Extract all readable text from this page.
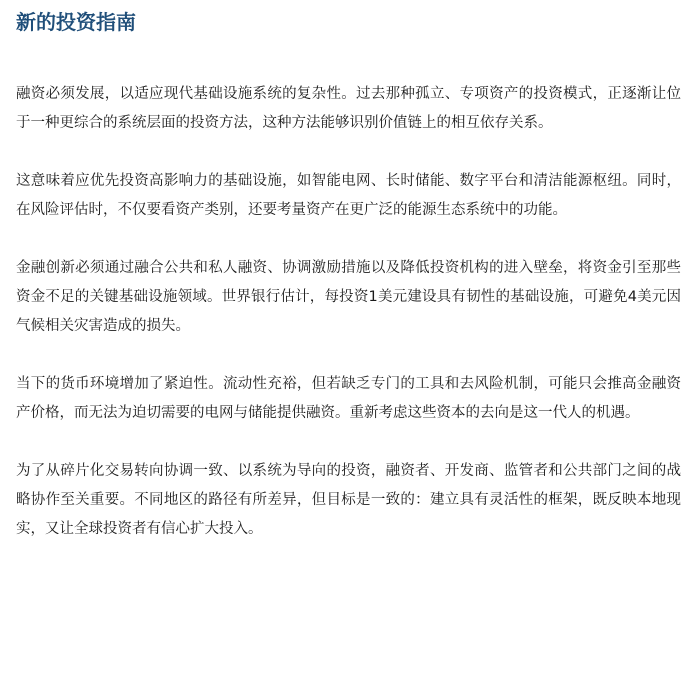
新的投资指南

融资必须发展，以适应现代基础设施系统的复杂性。过去那种孤立、专项资产的投资模式，正逐渐让位于一种更综合的系统层面的投资方法，这种方法能够识别价值链上的相互依存关系。

这意味着应优先投资高影响力的基础设施，如智能电网、长时储能、数字平台和清洁能源枢纽。同时，在风险评估时，不仅要看资产类别，还要考量资产在更广泛的能源生态系统中的功能。

金融创新必须通过融合公共和私人融资、协调激励措施以及降低投资机构的进入壁垒，将资金引至那些资金不足的关键基础设施领域。世界银行估计，每投资1美元建设具有韧性的基础设施，可避免4美元因气候相关灾害造成的损失。

当下的货币环境增加了紧迫性。流动性充裕，但若缺乏专门的工具和去风险机制，可能只会推高金融资产价格，而无法为迫切需要的电网与储能提供融资。重新考虑这些资本的去向是这一代人的机遇。

为了从碎片化交易转向协调一致、以系统为导向的投资，融资者、开发商、监管者和公共部门之间的战略协作至关重要。不同地区的路径有所差异，但目标是一致的：建立具有灵活性的框架，既反映本地现实，又让全球投资者有信心扩大投入。
